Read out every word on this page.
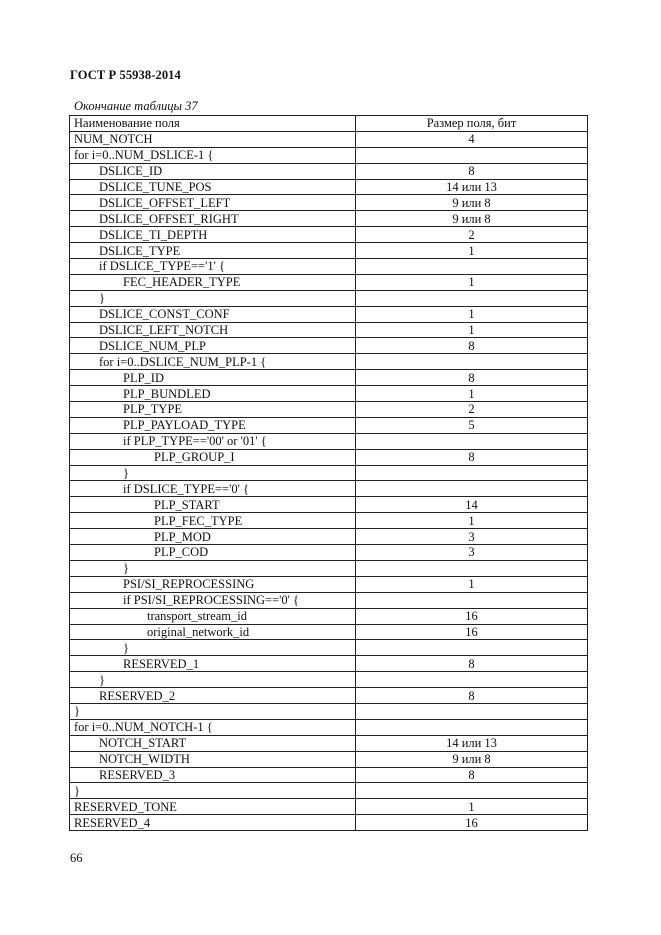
ГОСТ Р 55938-2014
Окончание таблицы 37
Наименование поля	Размер поля, бит
NUM_NOTCH	4
for i=0..NUM_DSLICE-1 {	
DSLICE_ID	8
DSLICE_TUNE_POS	14 или 13
DSLICE_OFFSET_LEFT	9 или 8
DSLICE_OFFSET_RIGHT	9 или 8
DSLICE_TI_DEPTH	2
DSLICE_TYPE	1
if DSLICE_TYPE=='1' {	
FEC_HEADER_TYPE	1
}	
DSLICE_CONST_CONF	1
DSLICE_LEFT_NOTCH	1
DSLICE_NUM_PLP	8
for i=0..DSLICE_NUM_PLP-1 {	
PLP_ID	8
PLP_BUNDLED	1
PLP_TYPE	2
PLP_PAYLOAD_TYPE	5
if PLP_TYPE=='00' or '01' {	
PLP_GROUP_I	8
}	
if DSLICE_TYPE=='0' {	
PLP_START	14
PLP_FEC_TYPE	1
PLP_MOD	3
PLP_COD	3
}	
PSI/SI_REPROCESSING	1
if PSI/SI_REPROCESSING=='0' {	
transport_stream_id	16
original_network_id	16
}	
RESERVED_1	8
}	
RESERVED_2	8
}	
for i=0..NUM_NOTCH-1 {	
NOTCH_START	14 или 13
NOTCH_WIDTH	9 или 8
RESERVED_3	8
}	
RESERVED_TONE	1
RESERVED_4	16
66
